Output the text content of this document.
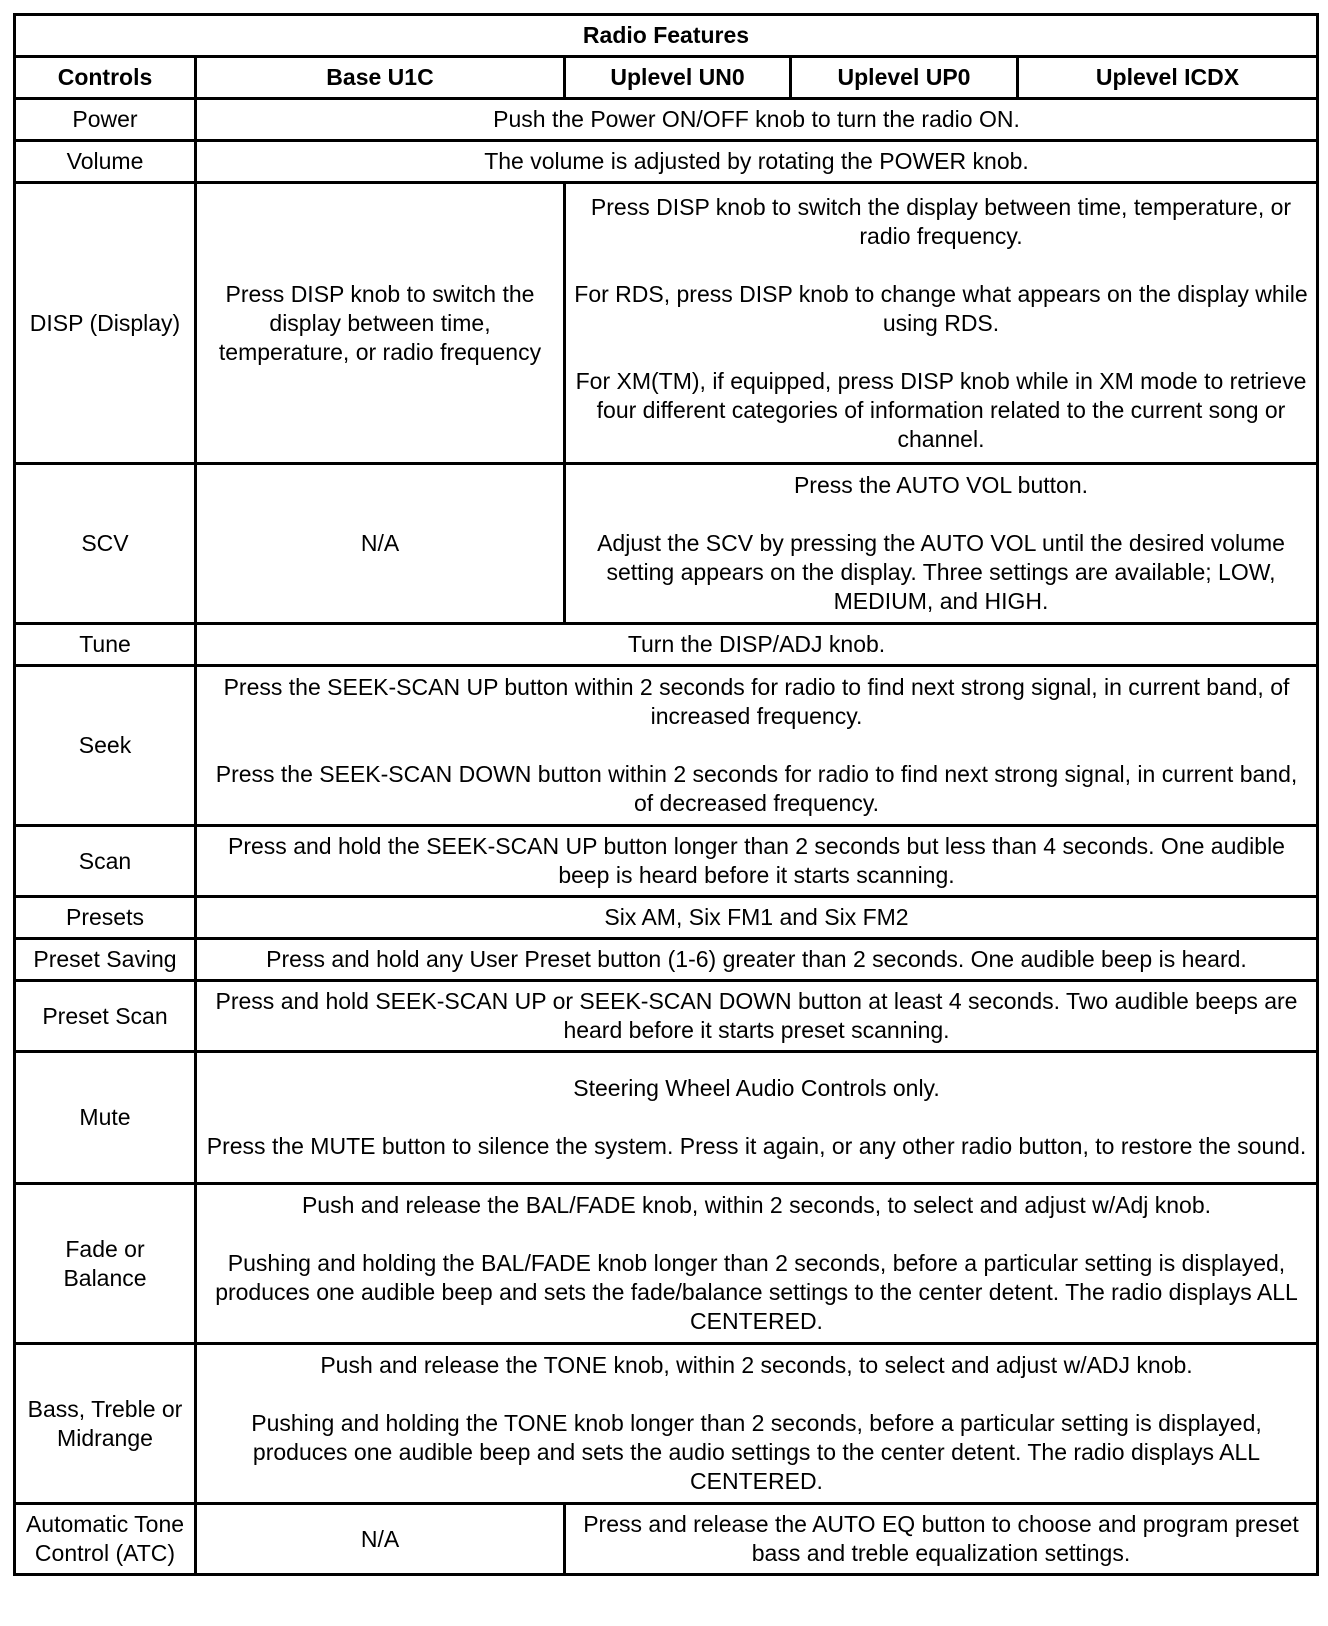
Radio Features				
Controls	Base U1C	Uplevel UN0	Uplevel UP0	Uplevel ICDX
Power	Push the Power ON/OFF knob to turn the radio ON.			
Volume	The volume is adjusted by rotating the POWER knob.			
DISP (Display)	Press DISP knob to switch the display between time, temperature, or radio frequency	Press DISP knob to switch the display between time, temperature, or radio frequency.
For RDS, press DISP knob to change what appears on the display while using RDS.
For XM(TM), if equipped, press DISP knob while in XM mode to retrieve four different categories of information related to the current song or channel.		

SCV	N/A	Press the AUTO VOL button.
Adjust the SCV by pressing the AUTO VOL until the desired volume setting appears on the display. Three settings are available; LOW, MEDIUM, and HIGH.		

Tune	Turn the DISP/ADJ knob.			
Seek	Press the SEEK-SCAN UP button within 2 seconds for radio to find next strong signal, in current band, of increased frequency.
Press the SEEK-SCAN DOWN button within 2 seconds for radio to find next strong signal, in current band, of decreased frequency.			

Scan	Press and hold the SEEK-SCAN UP button longer than 2 seconds but less than 4 seconds. One audible beep is heard before it starts scanning.			
Presets	Six AM, Six FM1 and Six FM2			
Preset Saving	Press and hold any User Preset button (1-6) greater than 2 seconds. One audible beep is heard.			
Preset Scan	Press and hold SEEK-SCAN UP or SEEK-SCAN DOWN button at least 4 seconds. Two audible beeps are heard before it starts preset scanning.			
Mute	Steering Wheel Audio Controls only.
Press the MUTE button to silence the system. Press it again, or any other radio button, to restore the sound.			

Fade or
Balance	Push and release the BAL/FADE knob, within 2 seconds, to select and adjust w/Adj knob.
Pushing and holding the BAL/FADE knob longer than 2 seconds, before a particular setting is displayed, produces one audible beep and sets the fade/balance settings to the center detent. The radio displays ALL CENTERED.			

Bass, Treble or Midrange	Push and release the TONE knob, within 2 seconds, to select and adjust w/ADJ knob.
Pushing and holding the TONE knob longer than 2 seconds, before a particular setting is displayed, produces one audible beep and sets the audio settings to the center detent. The radio displays ALL CENTERED.			

Automatic Tone Control (ATC)	N/A	Press and release the AUTO EQ button to choose and program preset bass and treble equalization settings.		
